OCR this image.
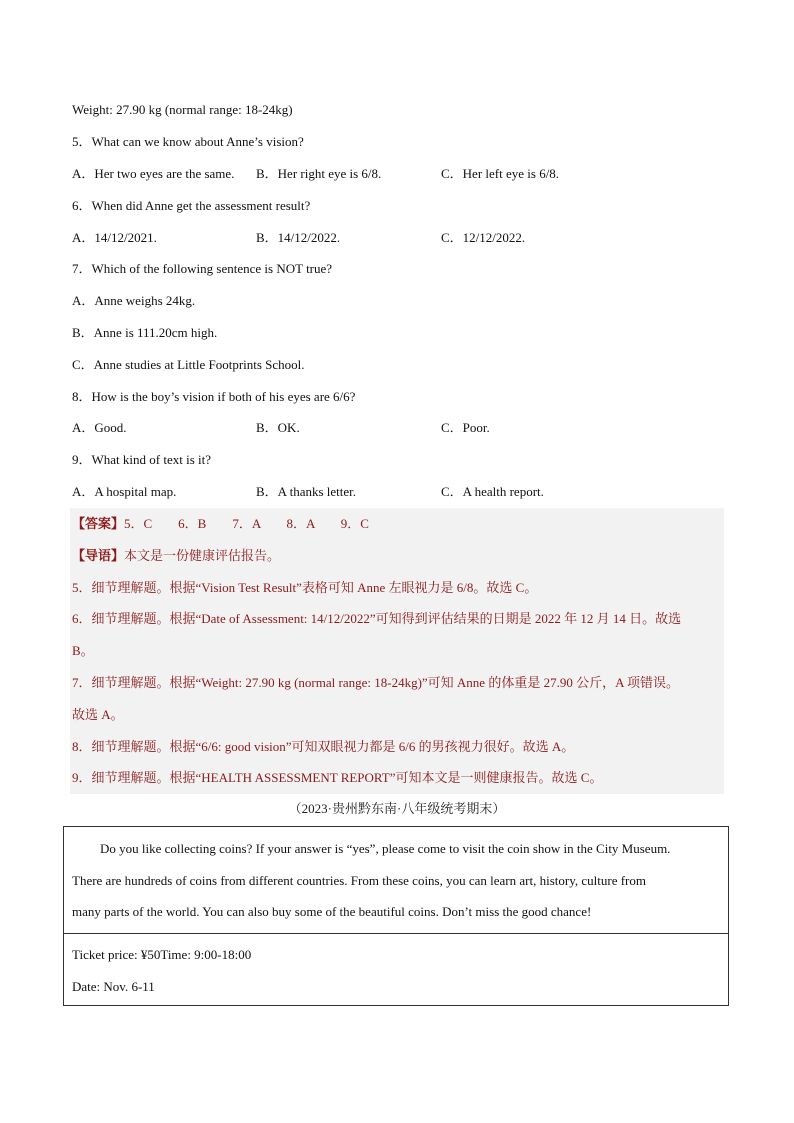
Weight: 27.90 kg (normal range: 18-24kg)
5．What can we know about Anne’s vision?
A．Her two eyes are the same. B．Her right eye is 6/8.	C．Her left eye is 6/8.
6．When did Anne get the assessment result?
A．14/12/2021.	B．14/12/2022.	C．12/12/2022.
7．Which of the following sentence is NOT true?
A．Anne weighs 24kg.
B．Anne is 111.20cm high.
C．Anne studies at Little Footprints School.
8．How is the boy’s vision if both of his eyes are 6/6?
A．Good.	B．OK.	C．Poor.
9．What kind of text is it?
A．A hospital map.	B．A thanks letter.	C．A health report.
【答案】5．C　　6．B　　7．A　　8．A　　9．C
【导语】本文是一份健康评估报告。
5．细节理解题。根据“Vision Test Result”表格可知 Anne 左眼视力是 6/8。故选 C。
6．细节理解题。根据“Date of Assessment: 14/12/2022”可知得到评估结果的日期是 2022 年 12 月 14 日。故选
B。
7．细节理解题。根据“Weight: 27.90 kg (normal range: 18-24kg)”可知 Anne 的体重是 27.90 公斤，A 项错误。
故选 A。
8．细节理解题。根据“6/6: good vision”可知双眼视力都是 6/6 的男孩视力很好。故选 A。
9．细节理解题。根据“HEALTH ASSESSMENT REPORT”可知本文是一则健康报告。故选 C。
（2023·贵州黔东南·八年级统考期末）
Do you like collecting coins? If your answer is “yes”, please come to visit the coin show in the City Museum.
There are hundreds of coins from different countries. From these coins, you can learn art, history, culture from
many parts of the world. You can also buy some of the beautiful coins. Don’t miss the good chance!
Ticket price: ¥50Time: 9:00-18:00
Date: Nov. 6-11
